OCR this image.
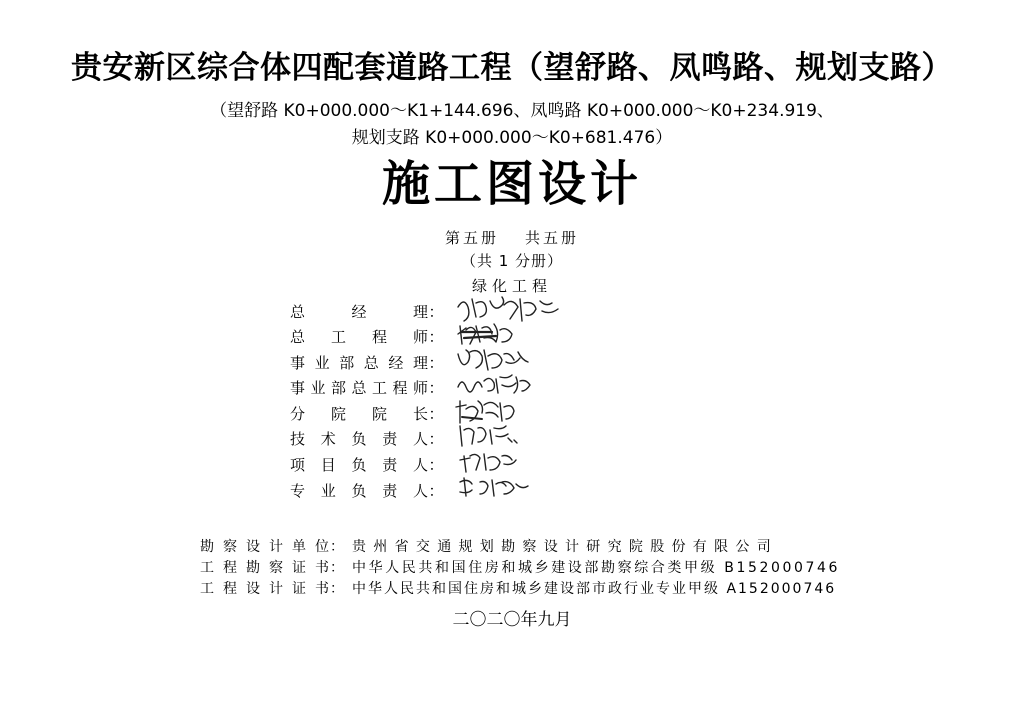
贵安新区综合体四配套道路工程（望舒路、凤鸣路、规划支路）
（望舒路 K0+000.000～K1+144.696、凤鸣路 K0+000.000～K0+234.919、
规划支路 K0+000.000～K0+681.476）
施工图设计
第五册 共五册
（共 1 分册）
绿化工程
总经理：
总工程师：
事业部总经理：
事业部总工程师：
分院院长：
技术负责人：
项目负责人：
专业负责人：
勘察设计单位： 贵州省交通规划勘察设计研究院股份有限公司
工程勘察证书： 中华人民共和国住房和城乡建设部勘察综合类甲级 B152000746
工程设计证书： 中华人民共和国住房和城乡建设部市政行业专业甲级 A152000746
二〇二〇年九月
